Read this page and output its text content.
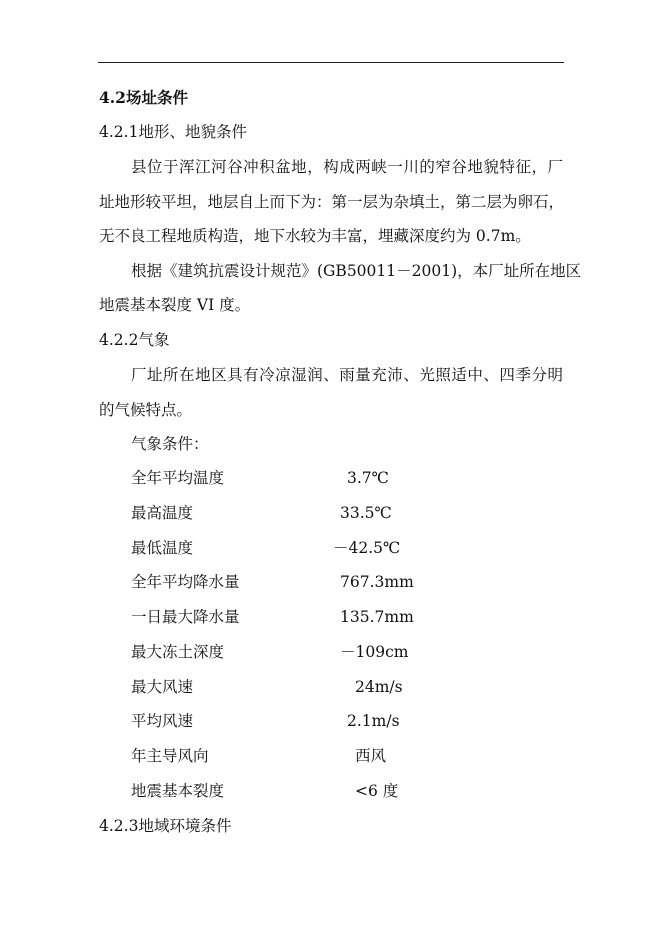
4.2场址条件
4.2.1地形、地貌条件
县位于浑江河谷冲积盆地，构成两峡一川的窄谷地貌特征，厂
址地形较平坦，地层自上而下为：第一层为杂填土，第二层为卵石，
无不良工程地质构造，地下水较为丰富，埋藏深度约为 0.7m。
根据《建筑抗震设计规范》(GB50011－2001)，本厂址所在地区
地震基本裂度 VI 度。
4.2.2气象
厂址所在地区具有冷凉湿润、雨量充沛、光照适中、四季分明
的气候特点。
气象条件：
全年平均温度	3.7℃
最高温度	33.5℃
最低温度	－42.5℃
全年平均降水量	767.3mm
一日最大降水量	135.7mm
最大冻土深度	－109cm
最大风速	24m/s
平均风速	2.1m/s
年主导风向	西风
地震基本裂度	<6 度
4.2.3地域环境条件
